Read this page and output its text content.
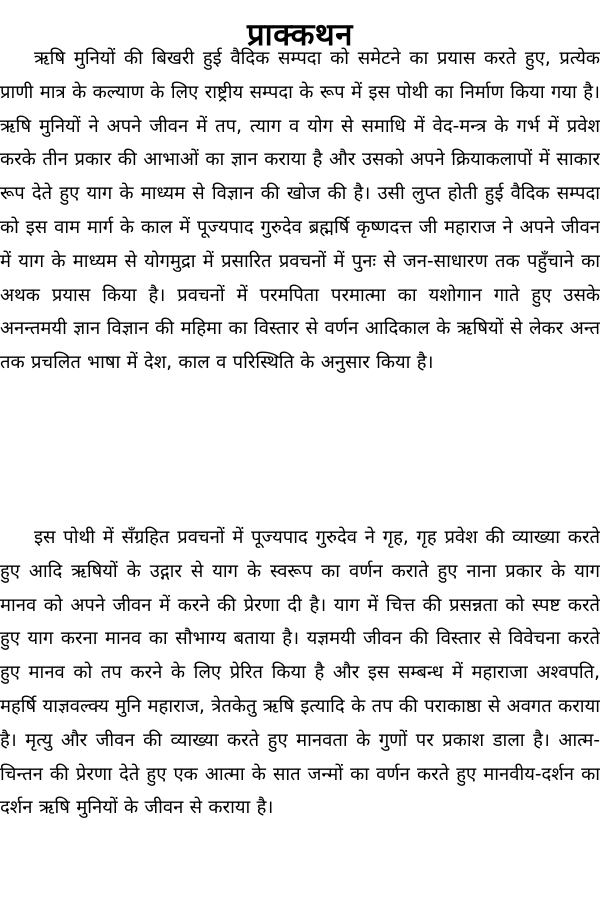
प्राक्कथन

ऋषि मुनियों की बिखरी हुई वैदिक सम्पदा को समेटने का प्रयास करते हुए, प्रत्येक प्राणी मात्र के कल्याण के लिए राष्ट्रीय सम्पदा के रूप में इस पोथी का निर्माण किया गया है। ऋषि मुनियों ने अपने जीवन में तप, त्याग व योग से समाधि में वेद-मन्त्र के गर्भ में प्रवेश करके तीन प्रकार की आभाओं का ज्ञान कराया है और उसको अपने क्रियाकलापों में साकार रूप देते हुए याग के माध्यम से विज्ञान की खोज की है। उसी लुप्त होती हुई वैदिक सम्पदा को इस वाम मार्ग के काल में पूज्यपाद गुरुदेव ब्रह्मर्षि कृष्णदत्त जी महाराज ने अपने जीवन में याग के माध्यम से योगमुद्रा में प्रसारित प्रवचनों में पुनः से जन-साधारण तक पहुँचाने का अथक प्रयास किया है। प्रवचनों में परमपिता परमात्मा का यशोगान गाते हुए उसके अनन्तमयी ज्ञान विज्ञान की महिमा का विस्तार से वर्णन आदिकाल के ऋषियों से लेकर अन्त तक प्रचलित भाषा में देश, काल व परिस्थिति के अनुसार किया है।

इस पोथी में सँग्रहित प्रवचनों में पूज्यपाद गुरुदेव ने गृह, गृह प्रवेश की व्याख्या करते हुए आदि ऋषियों के उद्गार से याग के स्वरूप का वर्णन कराते हुए नाना प्रकार के याग मानव को अपने जीवन में करने की प्रेरणा दी है। याग में चित्त की प्रसन्नता को स्पष्ट करते हुए याग करना मानव का सौभाग्य बताया है। यज्ञमयी जीवन की विस्तार से विवेचना करते हुए मानव को तप करने के लिए प्रेरित किया है और इस सम्बन्ध में महाराजा अश्वपति, महर्षि याज्ञवल्क्य मुनि महाराज, त्रेतकेतु ऋषि इत्यादि के तप की पराकाष्ठा से अवगत कराया है। मृत्यु और जीवन की व्याख्या करते हुए मानवता के गुणों पर प्रकाश डाला है। आत्म-चिन्तन की प्रेरणा देते हुए एक आत्मा के सात जन्मों का वर्णन करते हुए मानवीय-दर्शन का दर्शन ऋषि मुनियों के जीवन से कराया है।
